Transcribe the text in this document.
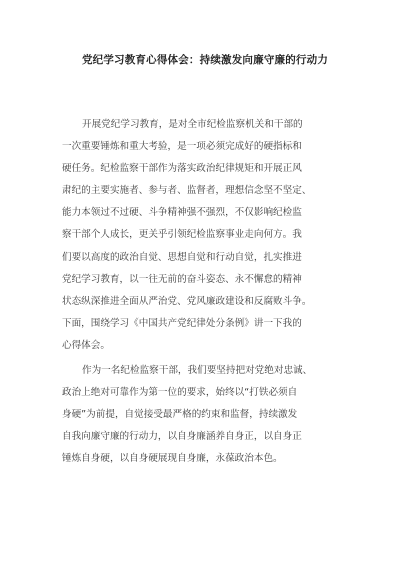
党纪学习教育心得体会：持续激发向廉守廉的行动力
开展党纪学习教育，是对全市纪检监察机关和干部的
一次重要锤炼和重大考验，是一项必须完成好的硬指标和
硬任务。纪检监察干部作为落实政治纪律规矩和开展正风
肃纪的主要实施者、参与者、监督者，理想信念坚不坚定、
能力本领过不过硬、斗争精神强不强烈，不仅影响纪检监
察干部个人成长，更关乎引领纪检监察事业走向何方。我
们要以高度的政治自觉、思想自觉和行动自觉，扎实推进
党纪学习教育，以一往无前的奋斗姿态、永不懈怠的精神
状态纵深推进全面从严治党、党风廉政建设和反腐败斗争。
下面，围绕学习《中国共产党纪律处分条例》讲一下我的
心得体会。
作为一名纪检监察干部，我们要坚持把对党绝对忠诚、
政治上绝对可靠作为第一位的要求，始终以“打铁必须自
身硬”为前提，自觉接受最严格的约束和监督，持续激发
自我向廉守廉的行动力，以自身廉涵养自身正，以自身正
锤炼自身硬，以自身硬展现自身廉，永葆政治本色。
